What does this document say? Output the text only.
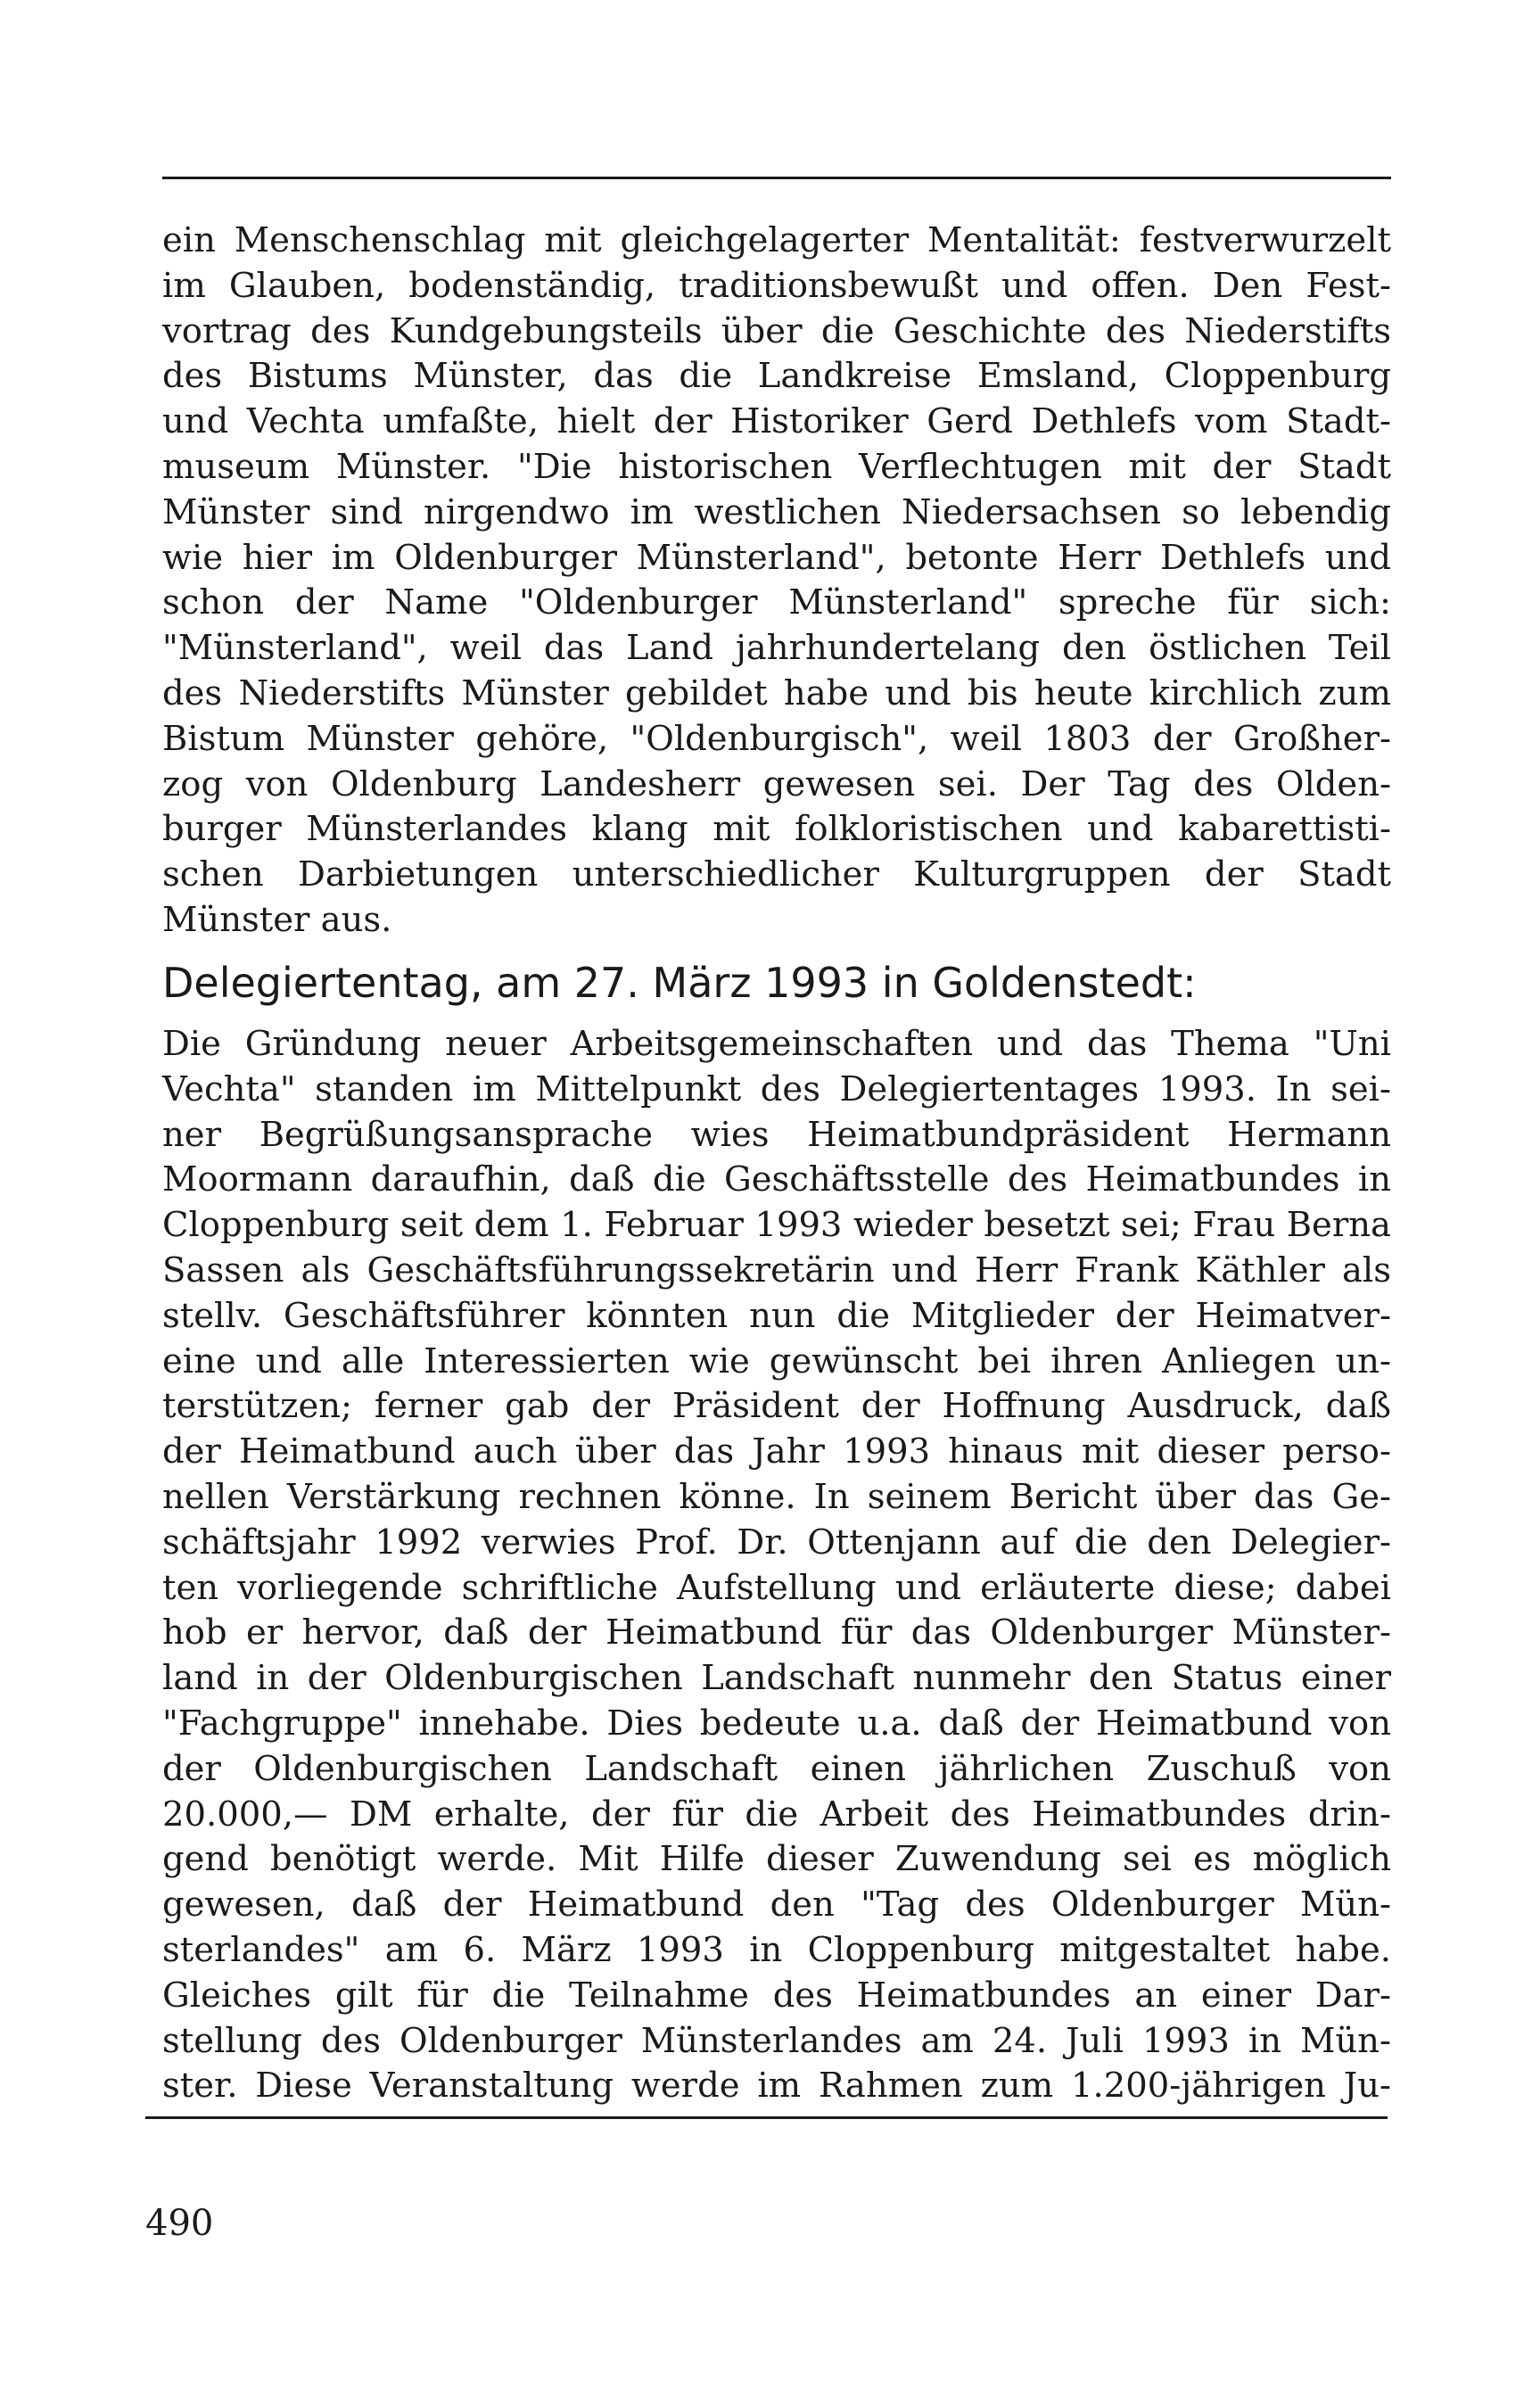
ein Menschenschlag mit gleichgelagerter Mentalität: festverwurzelt
im Glauben, bodenständig, traditionsbewußt und offen. Den Fest-
vortrag des Kundgebungsteils über die Geschichte des Niederstifts
des Bistums Münster, das die Landkreise Emsland, Cloppenburg
und Vechta umfaßte, hielt der Historiker Gerd Dethlefs vom Stadt-
museum Münster. "Die historischen Verflechtugen mit der Stadt
Münster sind nirgendwo im westlichen Niedersachsen so lebendig
wie hier im Oldenburger Münsterland", betonte Herr Dethlefs und
schon der Name "Oldenburger Münsterland" spreche für sich:
"Münsterland", weil das Land jahrhundertelang den östlichen Teil
des Niederstifts Münster gebildet habe und bis heute kirchlich zum
Bistum Münster gehöre, "Oldenburgisch", weil 1803 der Großher-
zog von Oldenburg Landesherr gewesen sei. Der Tag des Olden-
burger Münsterlandes klang mit folkloristischen und kabarettisti-
schen Darbietungen unterschiedlicher Kulturgruppen der Stadt
Münster aus.
Delegiertentag, am 27. März 1993 in Goldenstedt:
Die Gründung neuer Arbeitsgemeinschaften und das Thema "Uni
Vechta" standen im Mittelpunkt des Delegiertentages 1993. In sei-
ner Begrüßungsansprache wies Heimatbundpräsident Hermann
Moormann daraufhin, daß die Geschäftsstelle des Heimatbundes in
Cloppenburg seit dem 1. Februar 1993 wieder besetzt sei; Frau Berna
Sassen als Geschäftsführungssekretärin und Herr Frank Käthler als
stellv. Geschäftsführer könnten nun die Mitglieder der Heimatver-
eine und alle Interessierten wie gewünscht bei ihren Anliegen un-
terstützen; ferner gab der Präsident der Hoffnung Ausdruck, daß
der Heimatbund auch über das Jahr 1993 hinaus mit dieser perso-
nellen Verstärkung rechnen könne. In seinem Bericht über das Ge-
schäftsjahr 1992 verwies Prof. Dr. Ottenjann auf die den Delegier-
ten vorliegende schriftliche Aufstellung und erläuterte diese; dabei
hob er hervor, daß der Heimatbund für das Oldenburger Münster-
land in der Oldenburgischen Landschaft nunmehr den Status einer
"Fachgruppe" innehabe. Dies bedeute u.a. daß der Heimatbund von
der Oldenburgischen Landschaft einen jährlichen Zuschuß von
20.000,— DM erhalte, der für die Arbeit des Heimatbundes drin-
gend benötigt werde. Mit Hilfe dieser Zuwendung sei es möglich
gewesen, daß der Heimatbund den "Tag des Oldenburger Mün-
sterlandes" am 6. März 1993 in Cloppenburg mitgestaltet habe.
Gleiches gilt für die Teilnahme des Heimatbundes an einer Dar-
stellung des Oldenburger Münsterlandes am 24. Juli 1993 in Mün-
ster. Diese Veranstaltung werde im Rahmen zum 1.200-jährigen Ju-
490
